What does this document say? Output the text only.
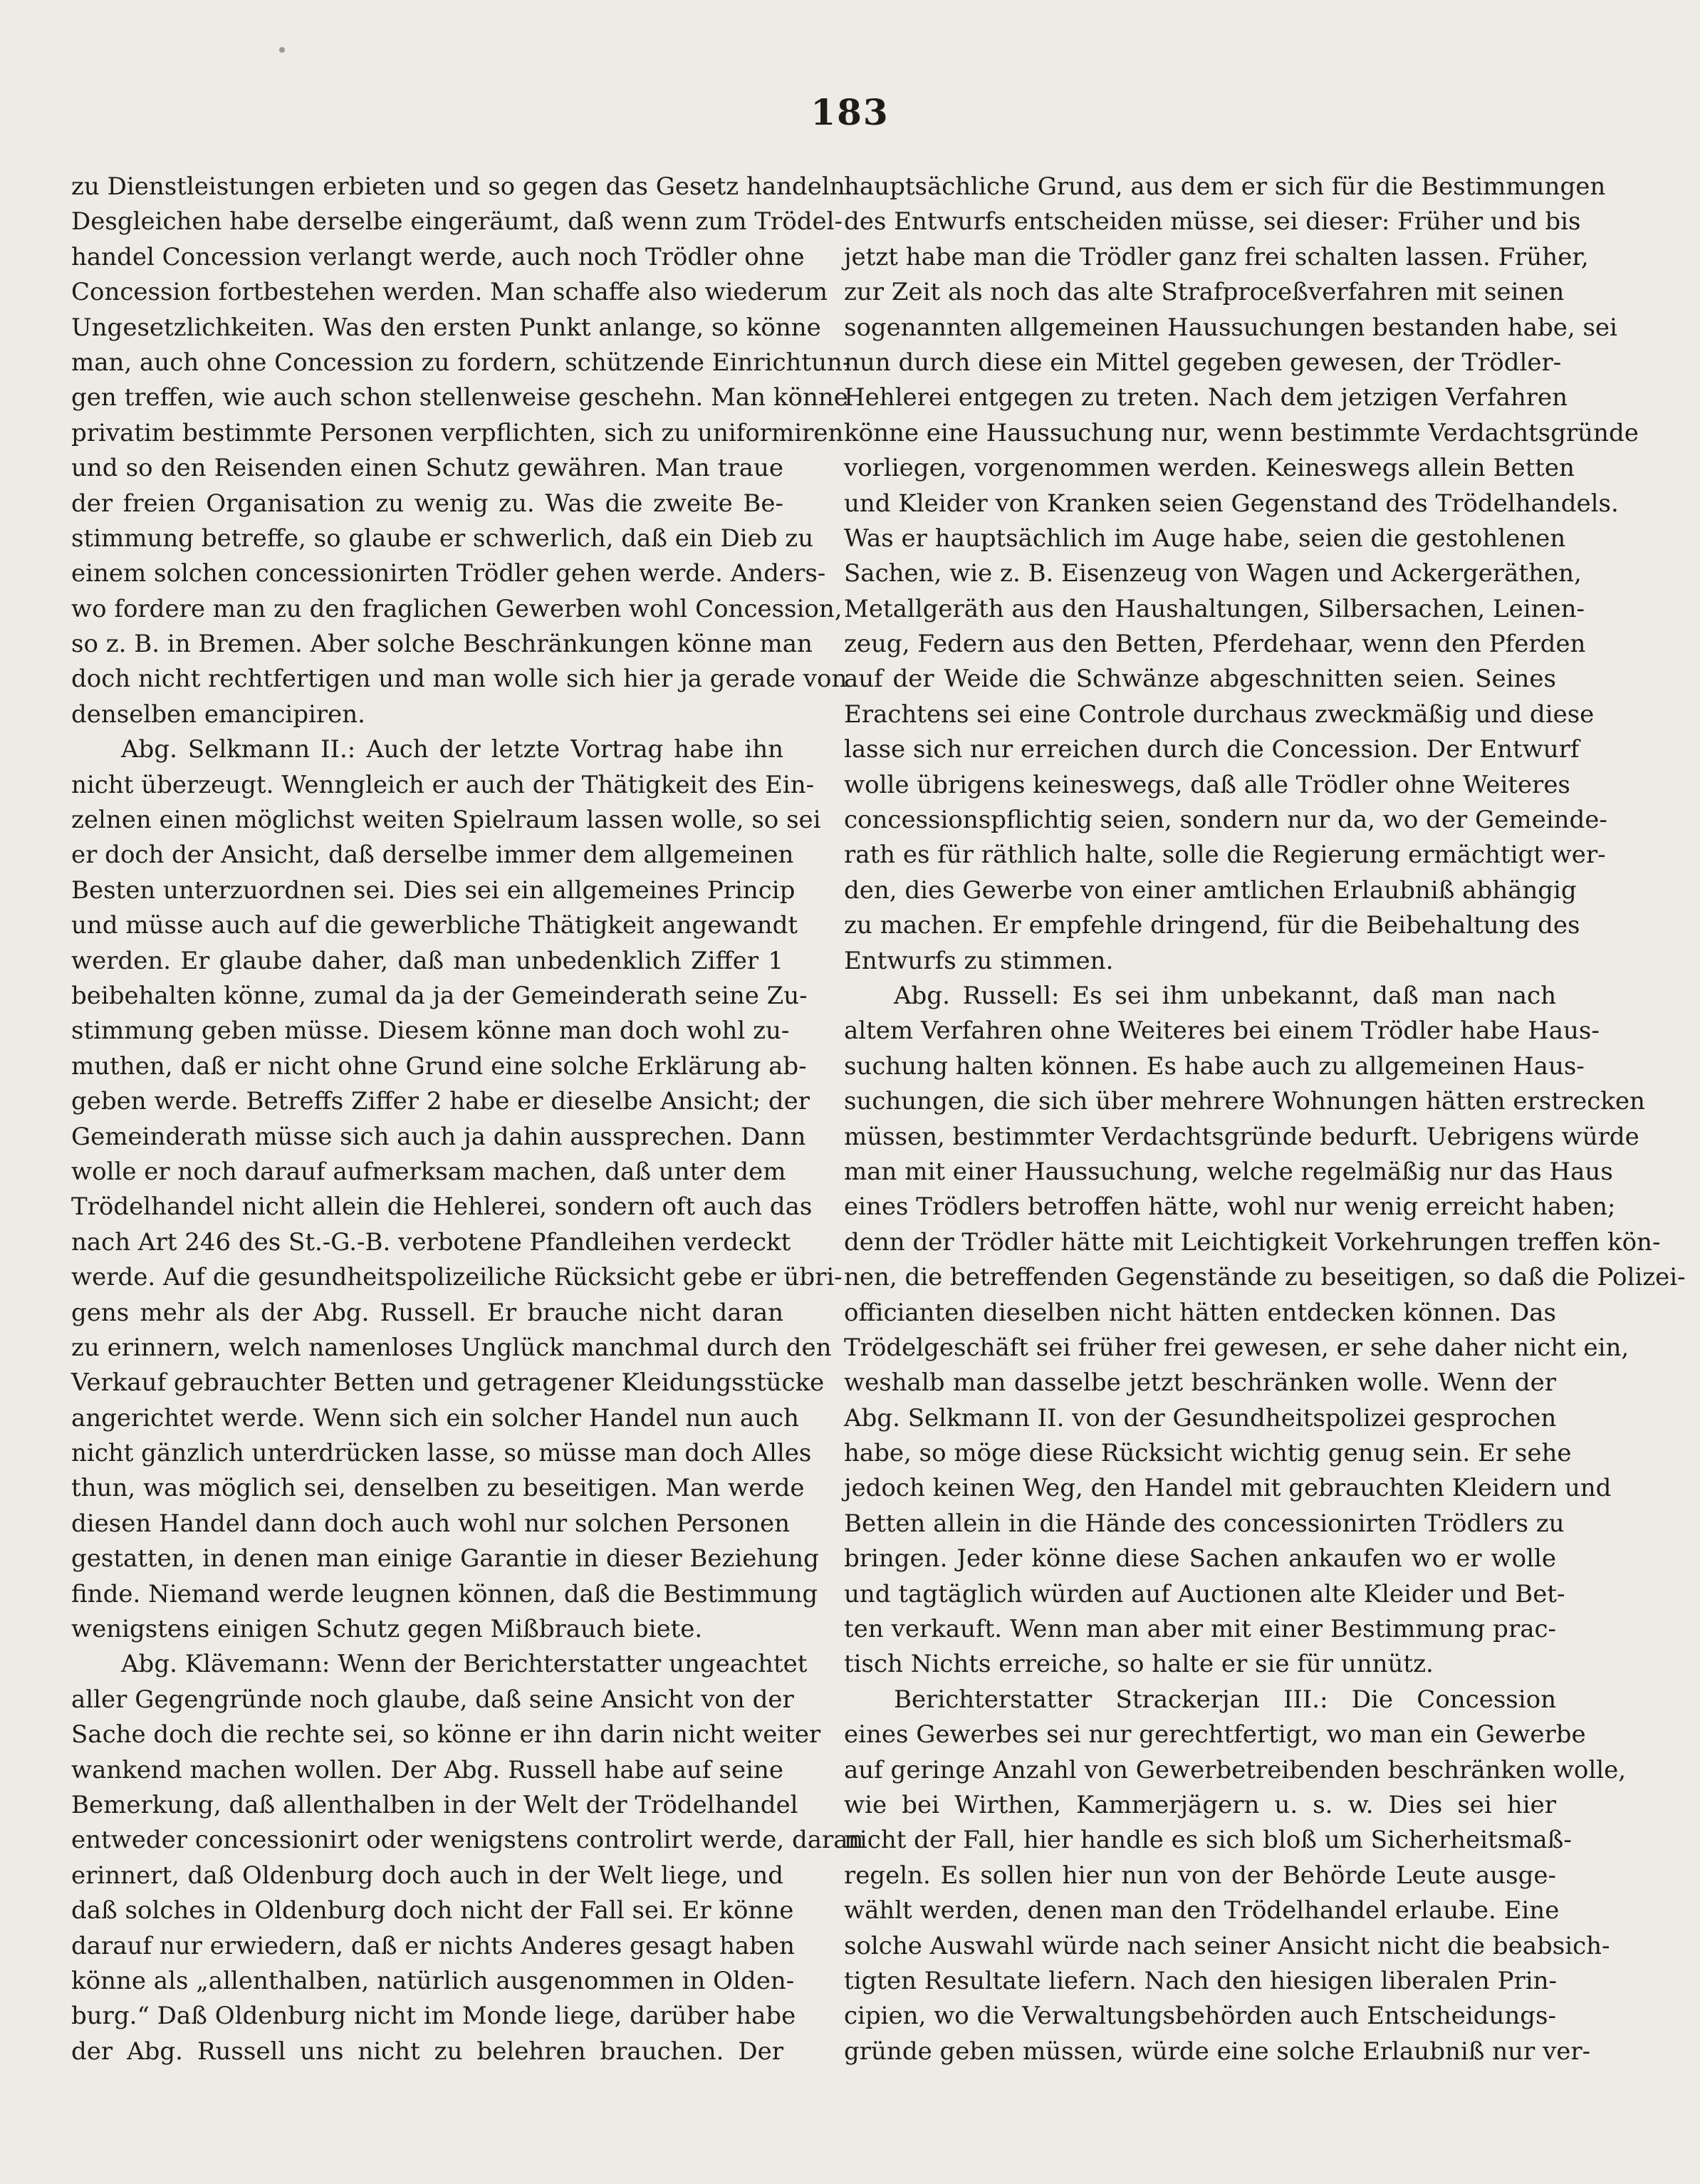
183
zu Dienstleistungen erbieten und so gegen das Gesetz handeln.
Desgleichen habe derselbe eingeräumt, daß wenn zum Trödel-
handel Concession verlangt werde, auch noch Trödler ohne
Concession fortbestehen werden. Man schaffe also wiederum
Ungesetzlichkeiten. Was den ersten Punkt anlange, so könne
man, auch ohne Concession zu fordern, schützende Einrichtun-
gen treffen, wie auch schon stellenweise geschehn. Man könne
privatim bestimmte Personen verpflichten, sich zu uniformiren
und so den Reisenden einen Schutz gewähren. Man traue
der freien Organisation zu wenig zu. Was die zweite Be-
stimmung betreffe, so glaube er schwerlich, daß ein Dieb zu
einem solchen concessionirten Trödler gehen werde. Anders-
wo fordere man zu den fraglichen Gewerben wohl Concession,
so z. B. in Bremen. Aber solche Beschränkungen könne man
doch nicht rechtfertigen und man wolle sich hier ja gerade von
denselben emancipiren.
Abg. Selkmann II.: Auch der letzte Vortrag habe ihn
nicht überzeugt. Wenngleich er auch der Thätigkeit des Ein-
zelnen einen möglichst weiten Spielraum lassen wolle, so sei
er doch der Ansicht, daß derselbe immer dem allgemeinen
Besten unterzuordnen sei. Dies sei ein allgemeines Princip
und müsse auch auf die gewerbliche Thätigkeit angewandt
werden. Er glaube daher, daß man unbedenklich Ziffer 1
beibehalten könne, zumal da ja der Gemeinderath seine Zu-
stimmung geben müsse. Diesem könne man doch wohl zu-
muthen, daß er nicht ohne Grund eine solche Erklärung ab-
geben werde. Betreffs Ziffer 2 habe er dieselbe Ansicht; der
Gemeinderath müsse sich auch ja dahin aussprechen. Dann
wolle er noch darauf aufmerksam machen, daß unter dem
Trödelhandel nicht allein die Hehlerei, sondern oft auch das
nach Art 246 des St.-G.-B. verbotene Pfandleihen verdeckt
werde. Auf die gesundheitspolizeiliche Rücksicht gebe er übri-
gens mehr als der Abg. Russell. Er brauche nicht daran
zu erinnern, welch namenloses Unglück manchmal durch den
Verkauf gebrauchter Betten und getragener Kleidungsstücke
angerichtet werde. Wenn sich ein solcher Handel nun auch
nicht gänzlich unterdrücken lasse, so müsse man doch Alles
thun, was möglich sei, denselben zu beseitigen. Man werde
diesen Handel dann doch auch wohl nur solchen Personen
gestatten, in denen man einige Garantie in dieser Beziehung
finde. Niemand werde leugnen können, daß die Bestimmung
wenigstens einigen Schutz gegen Mißbrauch biete.
Abg. Klävemann: Wenn der Berichterstatter ungeachtet
aller Gegengründe noch glaube, daß seine Ansicht von der
Sache doch die rechte sei, so könne er ihn darin nicht weiter
wankend machen wollen. Der Abg. Russell habe auf seine
Bemerkung, daß allenthalben in der Welt der Trödelhandel
entweder concessionirt oder wenigstens controlirt werde, daran
erinnert, daß Oldenburg doch auch in der Welt liege, und
daß solches in Oldenburg doch nicht der Fall sei. Er könne
darauf nur erwiedern, daß er nichts Anderes gesagt haben
könne als „allenthalben, natürlich ausgenommen in Olden-
burg.“ Daß Oldenburg nicht im Monde liege, darüber habe
der Abg. Russell uns nicht zu belehren brauchen. Der
hauptsächliche Grund, aus dem er sich für die Bestimmungen
des Entwurfs entscheiden müsse, sei dieser: Früher und bis
jetzt habe man die Trödler ganz frei schalten lassen. Früher,
zur Zeit als noch das alte Strafproceßverfahren mit seinen
sogenannten allgemeinen Haussuchungen bestanden habe, sei
nun durch diese ein Mittel gegeben gewesen, der Trödler-
Hehlerei entgegen zu treten. Nach dem jetzigen Verfahren
könne eine Haussuchung nur, wenn bestimmte Verdachtsgründe
vorliegen, vorgenommen werden. Keineswegs allein Betten
und Kleider von Kranken seien Gegenstand des Trödelhandels.
Was er hauptsächlich im Auge habe, seien die gestohlenen
Sachen, wie z. B. Eisenzeug von Wagen und Ackergeräthen,
Metallgeräth aus den Haushaltungen, Silbersachen, Leinen-
zeug, Federn aus den Betten, Pferdehaar, wenn den Pferden
auf der Weide die Schwänze abgeschnitten seien. Seines
Erachtens sei eine Controle durchaus zweckmäßig und diese
lasse sich nur erreichen durch die Concession. Der Entwurf
wolle übrigens keineswegs, daß alle Trödler ohne Weiteres
concessionspflichtig seien, sondern nur da, wo der Gemeinde-
rath es für räthlich halte, solle die Regierung ermächtigt wer-
den, dies Gewerbe von einer amtlichen Erlaubniß abhängig
zu machen. Er empfehle dringend, für die Beibehaltung des
Entwurfs zu stimmen.
Abg. Russell: Es sei ihm unbekannt, daß man nach
altem Verfahren ohne Weiteres bei einem Trödler habe Haus-
suchung halten können. Es habe auch zu allgemeinen Haus-
suchungen, die sich über mehrere Wohnungen hätten erstrecken
müssen, bestimmter Verdachtsgründe bedurft. Uebrigens würde
man mit einer Haussuchung, welche regelmäßig nur das Haus
eines Trödlers betroffen hätte, wohl nur wenig erreicht haben;
denn der Trödler hätte mit Leichtigkeit Vorkehrungen treffen kön-
nen, die betreffenden Gegenstände zu beseitigen, so daß die Polizei-
officianten dieselben nicht hätten entdecken können. Das
Trödelgeschäft sei früher frei gewesen, er sehe daher nicht ein,
weshalb man dasselbe jetzt beschränken wolle. Wenn der
Abg. Selkmann II. von der Gesundheitspolizei gesprochen
habe, so möge diese Rücksicht wichtig genug sein. Er sehe
jedoch keinen Weg, den Handel mit gebrauchten Kleidern und
Betten allein in die Hände des concessionirten Trödlers zu
bringen. Jeder könne diese Sachen ankaufen wo er wolle
und tagtäglich würden auf Auctionen alte Kleider und Bet-
ten verkauft. Wenn man aber mit einer Bestimmung prac-
tisch Nichts erreiche, so halte er sie für unnütz.
Berichterstatter Strackerjan III.: Die Concession
eines Gewerbes sei nur gerechtfertigt, wo man ein Gewerbe
auf geringe Anzahl von Gewerbetreibenden beschränken wolle,
wie bei Wirthen, Kammerjägern u. s. w. Dies sei hier
nicht der Fall, hier handle es sich bloß um Sicherheitsmaß-
regeln. Es sollen hier nun von der Behörde Leute ausge-
wählt werden, denen man den Trödelhandel erlaube. Eine
solche Auswahl würde nach seiner Ansicht nicht die beabsich-
tigten Resultate liefern. Nach den hiesigen liberalen Prin-
cipien, wo die Verwaltungsbehörden auch Entscheidungs-
gründe geben müssen, würde eine solche Erlaubniß nur ver-
